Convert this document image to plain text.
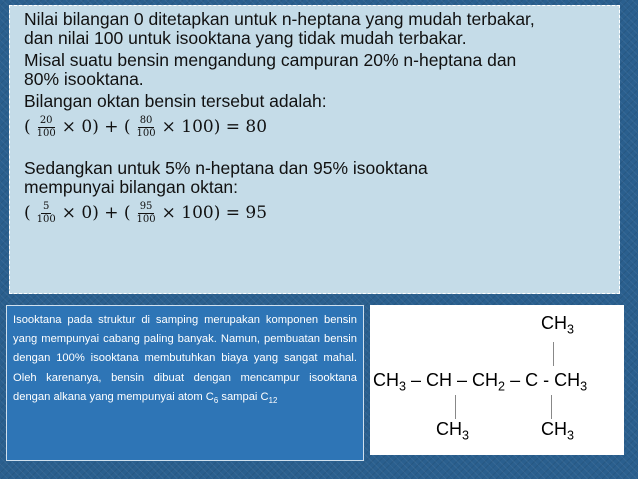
Nilai bilangan 0 ditetapkan untuk n-heptana yang mudah terbakar,
dan nilai 100 untuk isooktana yang tidak mudah terbakar.
Misal suatu bensin mengandung campuran 20% n-heptana dan
80% isooktana.
Bilangan oktan bensin tersebut adalah:
( $\frac{20}{100} \times 0$) + ( $\frac{80}{100} \times 100) = 80$
Sedangkan untuk 5% n-heptana dan 95% isooktana
mempunyai bilangan oktan:
( $\frac{5}{100} \times 0$) + ( $\frac{95}{100} \times 100) = 95$

Isooktana pada struktur di samping merupakan komponen bensin yang mempunyai cabang paling banyak. Namun, pembuatan bensin dengan 100% isooktana membutuhkan biaya yang sangat mahal. Oleh karenanya, bensin dibuat dengan mencampur isooktana dengan alkana yang mempunyai atom $C_6$ sampai $C_{12}$

$CH_3$
$CH_3$ – CH – $CH_2$ – C - $CH_3$
$CH_3$	$CH_3$
